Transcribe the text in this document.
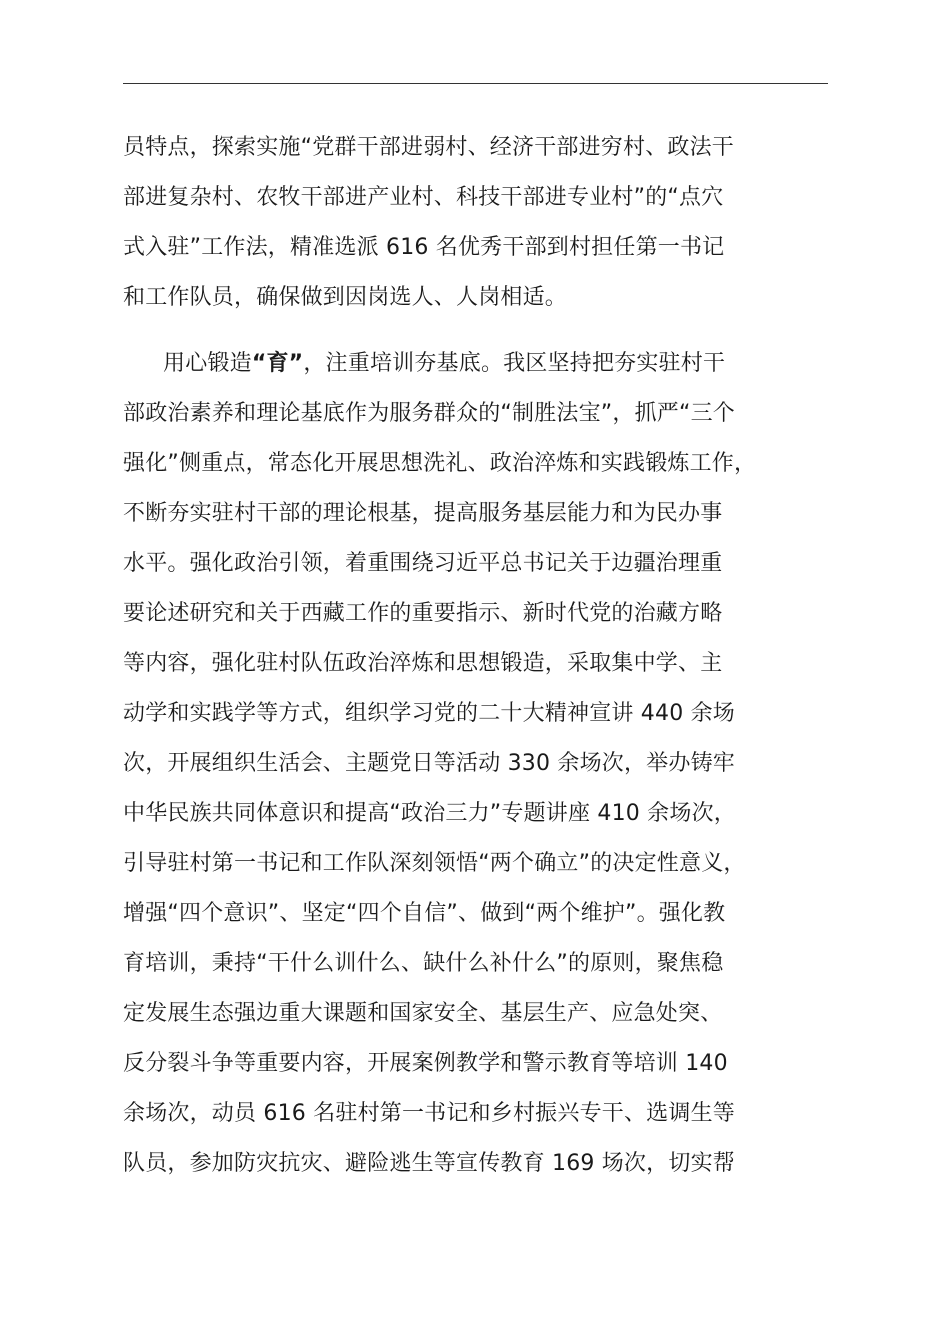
员特点，探索实施“党群干部进弱村、经济干部进穷村、政法干
部进复杂村、农牧干部进产业村、科技干部进专业村”的“点穴
式入驻”工作法，精准选派 616 名优秀干部到村担任第一书记
和工作队员，确保做到因岗选人、人岗相适。
用心锻造“育”，注重培训夯基底。我区坚持把夯实驻村干
部政治素养和理论基底作为服务群众的“制胜法宝”，抓严“三个
强化”侧重点，常态化开展思想洗礼、政治淬炼和实践锻炼工作，
不断夯实驻村干部的理论根基，提高服务基层能力和为民办事
水平。强化政治引领，着重围绕习近平总书记关于边疆治理重
要论述研究和关于西藏工作的重要指示、新时代党的治藏方略
等内容，强化驻村队伍政治淬炼和思想锻造，采取集中学、主
动学和实践学等方式，组织学习党的二十大精神宣讲 440 余场
次，开展组织生活会、主题党日等活动 330 余场次，举办铸牢
中华民族共同体意识和提高“政治三力”专题讲座 410 余场次，
引导驻村第一书记和工作队深刻领悟“两个确立”的决定性意义，
增强“四个意识”、坚定“四个自信”、做到“两个维护”。强化教
育培训，秉持“干什么训什么、缺什么补什么”的原则，聚焦稳
定发展生态强边重大课题和国家安全、基层生产、应急处突、
反分裂斗争等重要内容，开展案例教学和警示教育等培训 140
余场次，动员 616 名驻村第一书记和乡村振兴专干、选调生等
队员，参加防灾抗灾、避险逃生等宣传教育 169 场次，切实帮
